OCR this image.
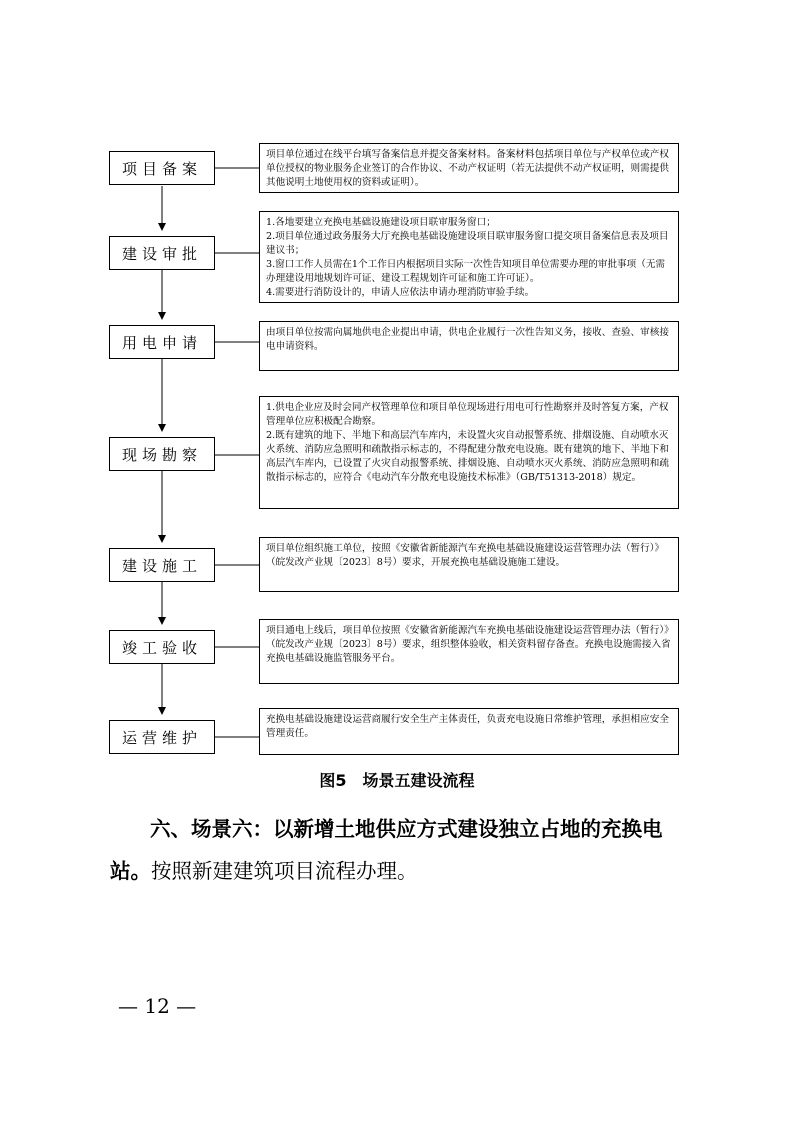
项目备案
建设审批
用电申请
现场勘察
建设施工
竣工验收
运营维护

项目单位通过在线平台填写备案信息并提交备案材料。备案材料包括项目单位与产权单位或产权单位授权的物业服务企业签订的合作协议、不动产权证明（若无法提供不动产权证明，则需提供其他说明土地使用权的资料或证明）。

1.各地要建立充换电基础设施建设项目联审服务窗口；

2.项目单位通过政务服务大厅充换电基础设施建设项目联审服务窗口提交项目备案信息表及项目建议书；

3.窗口工作人员需在1个工作日内根据项目实际一次性告知项目单位需要办理的审批事项（无需办理建设用地规划许可证、建设工程规划许可证和施工许可证）。

4.需要进行消防设计的，申请人应依法申请办理消防审验手续。

由项目单位按需向属地供电企业提出申请，供电企业履行一次性告知义务，接收、查验、审核接电申请资料。

1.供电企业应及时会同产权管理单位和项目单位现场进行用电可行性勘察并及时答复方案，产权管理单位应积极配合勘察。

2.既有建筑的地下、半地下和高层汽车库内，未设置火灾自动报警系统、排烟设施、自动喷水灭火系统、消防应急照明和疏散指示标志的，不得配建分散充电设施。既有建筑的地下、半地下和高层汽车库内，已设置了火灾自动报警系统、排烟设施、自动喷水灭火系统、消防应急照明和疏散指示标志的，应符合《电动汽车分散充电设施技术标准》（GB/T51313-2018）规定。

项目单位组织施工单位，按照《安徽省新能源汽车充换电基础设施建设运营管理办法（暂行）》（皖发改产业规〔2023〕8号）要求，开展充换电基础设施施工建设。

项目通电上线后，项目单位按照《安徽省新能源汽车充换电基础设施建设运营管理办法（暂行）》（皖发改产业规〔2023〕8号）要求，组织整体验收，相关资料留存备查。充换电设施需接入省充换电基础设施监管服务平台。

充换电基础设施建设运营商履行安全生产主体责任，负责充电设施日常维护管理，承担相应安全管理责任。

图5　场景五建设流程
六、场景六：以新增土地供应方式建设独立占地的充换电站。按照新建建筑项目流程办理。
— 12 —
